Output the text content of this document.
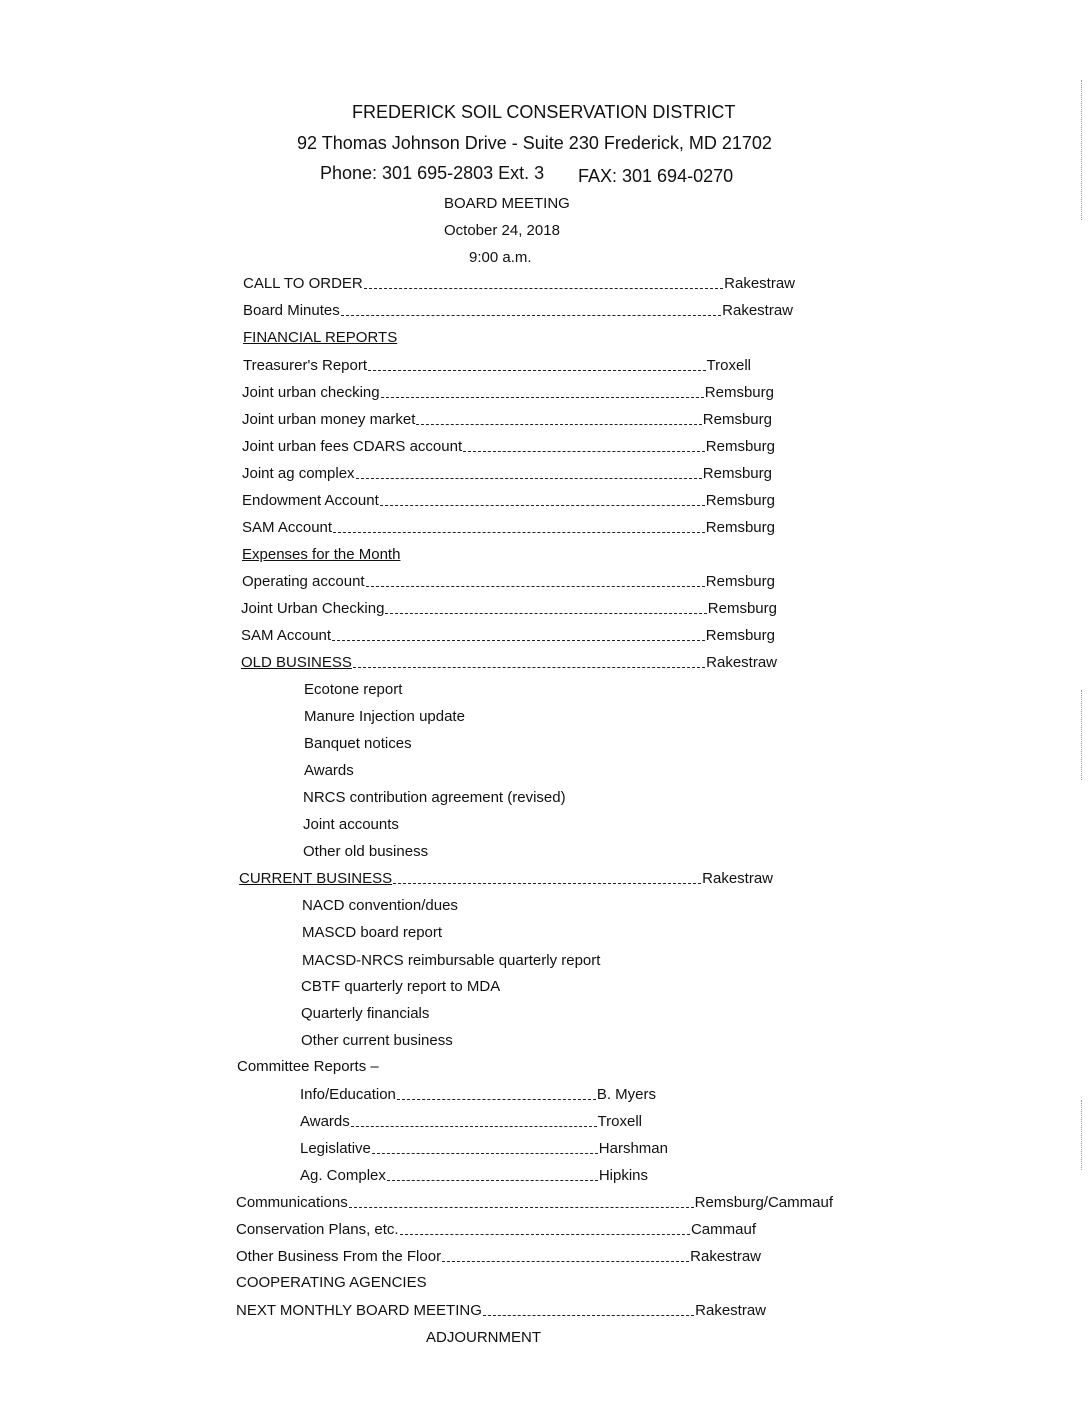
FREDERICK SOIL CONSERVATION DISTRICT
92 Thomas Johnson Drive - Suite 230 Frederick, MD 21702
Phone: 301 695-2803 Ext. 3 FAX: 301 694-0270
BOARD MEETING
October 24, 2018
9:00 a.m.
CALL TO ORDER	Rakestraw
Board Minutes	Rakestraw
FINANCIAL REPORTS
Treasurer's Report	Troxell
Joint urban checking	Remsburg
Joint urban money market	Remsburg
Joint urban fees CDARS account	Remsburg
Joint ag complex	Remsburg
Endowment Account	Remsburg
SAM Account	Remsburg
Expenses for the Month
Operating account	Remsburg
Joint Urban Checking	Remsburg
SAM Account	Remsburg
OLD BUSINESS	Rakestraw
Ecotone report
Manure Injection update
Banquet notices
Awards
NRCS contribution agreement (revised)
Joint accounts
Other old business
CURRENT BUSINESS	Rakestraw
NACD convention/dues
MASCD board report
MACSD-NRCS reimbursable quarterly report
CBTF quarterly report to MDA
Quarterly financials
Other current business
Committee Reports –
Info/Education	B. Myers
Awards	Troxell
Legislative	Harshman
Ag. Complex	Hipkins
Communications	Remsburg/Cammauf
Conservation Plans, etc.	Cammauf
Other Business From the Floor	Rakestraw
COOPERATING AGENCIES
NEXT MONTHLY BOARD MEETING	Rakestraw
ADJOURNMENT
